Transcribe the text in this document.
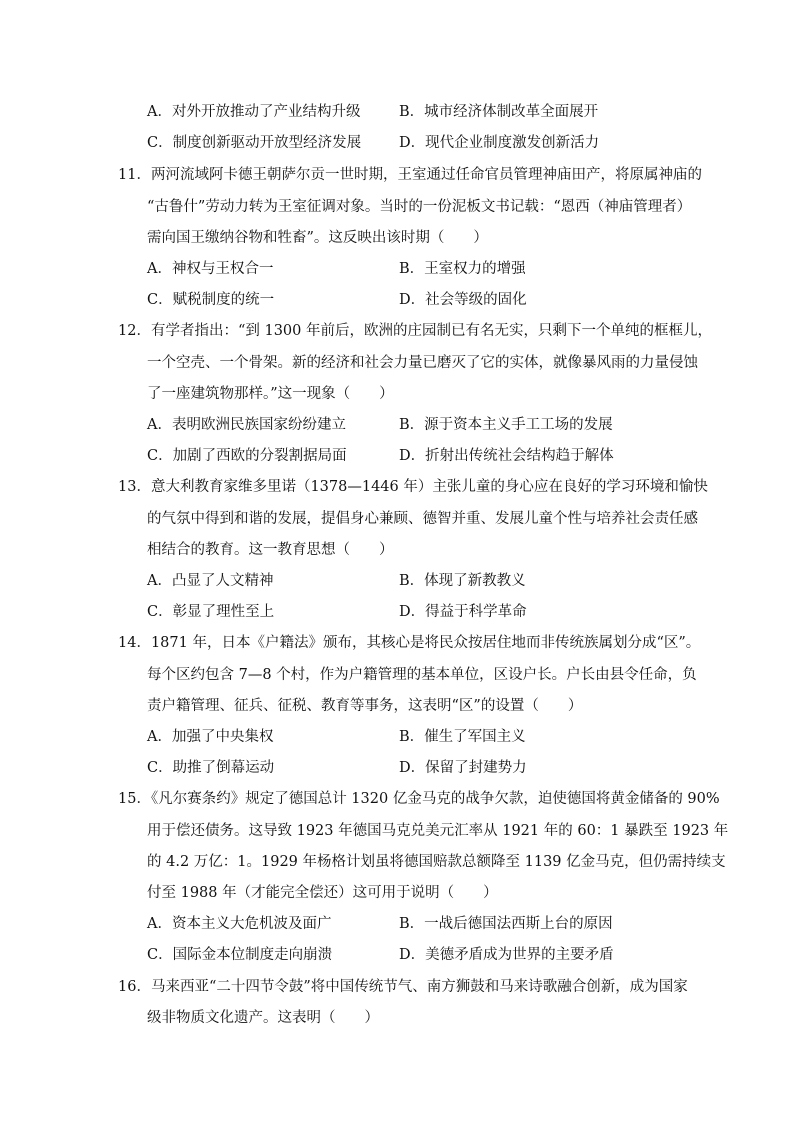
A．对外开放推动了产业结构升级	B．城市经济体制改革全面展开
C．制度创新驱动开放型经济发展	D．现代企业制度激发创新活力
11．两河流域阿卡德王朝萨尔贡一世时期，王室通过任命官员管理神庙田产，将原属神庙的
“古鲁什”劳动力转为王室征调对象。当时的一份泥板文书记载：“恩西（神庙管理者）
需向国王缴纳谷物和牲畜”。这反映出该时期（　　）
A．神权与王权合一	B．王室权力的增强
C．赋税制度的统一	D．社会等级的固化
12．有学者指出：“到 1300 年前后，欧洲的庄园制已有名无实，只剩下一个单纯的框框儿，
一个空壳、一个骨架。新的经济和社会力量已磨灭了它的实体，就像暴风雨的力量侵蚀
了一座建筑物那样。”这一现象（　　）
A．表明欧洲民族国家纷纷建立	B．源于资本主义手工工场的发展
C．加剧了西欧的分裂割据局面	D．折射出传统社会结构趋于解体
13．意大利教育家维多里诺（1378—1446 年）主张儿童的身心应在良好的学习环境和愉快
的气氛中得到和谐的发展，提倡身心兼顾、德智并重、发展儿童个性与培养社会责任感
相结合的教育。这一教育思想（　　）
A．凸显了人文精神	B．体现了新教教义
C．彰显了理性至上	D．得益于科学革命
14．1871 年，日本《户籍法》颁布，其核心是将民众按居住地而非传统族属划分成“区”。
每个区约包含 7—8 个村，作为户籍管理的基本单位，区设户长。户长由县令任命，负
责户籍管理、征兵、征税、教育等事务，这表明“区”的设置（　　）
A．加强了中央集权	B．催生了军国主义
C．助推了倒幕运动	D．保留了封建势力
15．《凡尔赛条约》规定了德国总计 1320 亿金马克的战争欠款，迫使德国将黄金储备的 90%
用于偿还债务。这导致 1923 年德国马克兑美元汇率从 1921 年的 60：1 暴跌至 1923 年
的 4.2 万亿：1。1929 年杨格计划虽将德国赔款总额降至 1139 亿金马克，但仍需持续支
付至 1988 年（才能完全偿还）这可用于说明（　　）
A．资本主义大危机波及面广	B．一战后德国法西斯上台的原因
C．国际金本位制度走向崩溃	D．美德矛盾成为世界的主要矛盾
16．马来西亚“二十四节令鼓”将中国传统节气、南方狮鼓和马来诗歌融合创新，成为国家
级非物质文化遗产。这表明（　　）
